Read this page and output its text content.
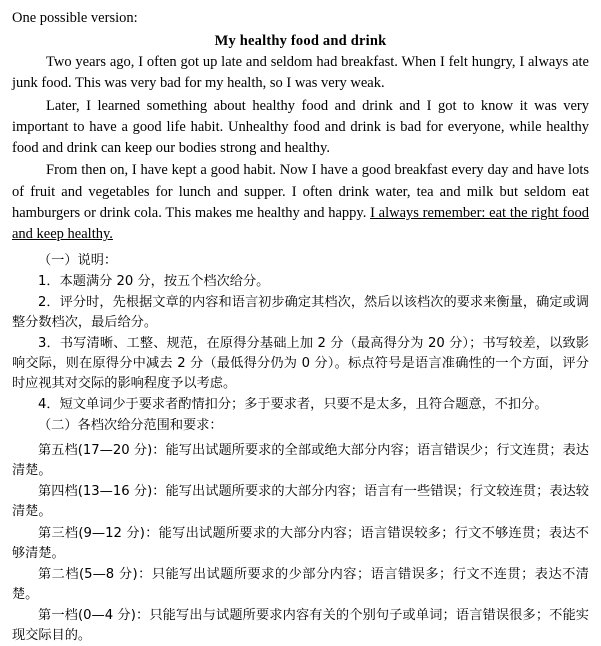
One possible version:
My healthy food and drink

Two years ago, I often got up late and seldom had breakfast. When I felt hungry, I always ate junk food. This was very bad for my health, so I was very weak.

Later, I learned something about healthy food and drink and I got to know it was very important to have a good life habit. Unhealthy food and drink is bad for everyone, while healthy food and drink can keep our bodies strong and healthy.

From then on, I have kept a good habit. Now I have a good breakfast every day and have lots of fruit and vegetables for lunch and supper. I often drink water, tea and milk but seldom eat hamburgers or drink cola. This makes me healthy and happy. I always remember: eat the right food and keep healthy.

（一）说明：

1．本题满分 20 分，按五个档次给分。

2．评分时，先根据文章的内容和语言初步确定其档次，然后以该档次的要求来衡量，确定或调整分数档次，最后给分。

3．书写清晰、工整、规范，在原得分基础上加 2 分（最高得分为 20 分）；书写较差，以致影响交际，则在原得分中减去 2 分（最低得分仍为 0 分）。标点符号是语言准确性的一个方面，评分时应视其对交际的影响程度予以考虑。

4．短文单词少于要求者酌情扣分；多于要求者，只要不是太多，且符合题意，不扣分。

（二）各档次给分范围和要求：

第五档(17—20 分)：能写出试题所要求的全部或绝大部分内容；语言错误少；行文连贯；表达清楚。

第四档(13—16 分)：能写出试题所要求的大部分内容；语言有一些错误；行文较连贯；表达较清楚。

第三档(9—12 分)：能写出试题所要求的大部分内容；语言错误较多；行文不够连贯；表达不够清楚。

第二档(5—8 分)：只能写出试题所要求的少部分内容；语言错误多；行文不连贯；表达不清楚。

第一档(0—4 分)：只能写出与试题所要求内容有关的个别句子或单词；语言错误很多；不能实现交际目的。
